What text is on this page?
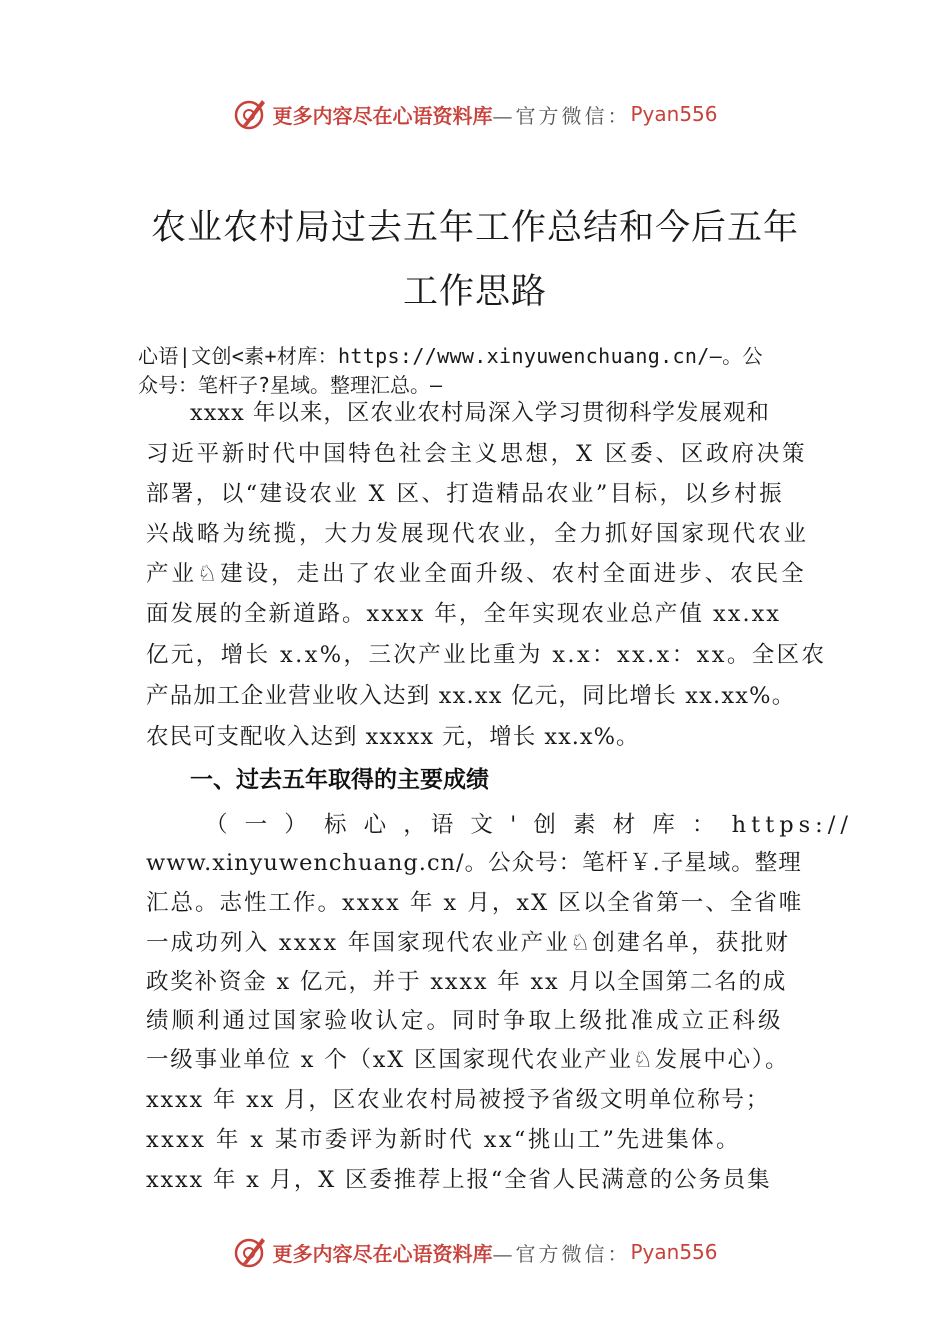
更多内容尽在心语资料库 —官方微信： Pyan556
农业农村局过去五年工作总结和今后五年
工作思路
心语|文创<素+材库：https://www.xinyuwenchuang.cn/—。公
众号：笔杆子?星域。整理汇总。—
xxxx 年以来，区农业农村局深入学习贯彻科学发展观和
习近平新时代中国特色社会主义思想，X 区委、区政府决策
部署，以“建设农业 X 区、打造精品农业”目标，以乡村振
兴战略为统揽，大力发展现代农业，全力抓好国家现代农业
产业♘建设，走出了农业全面升级、农村全面进步、农民全
面发展的全新道路。xxxx 年，全年实现农业总产值 xx.xx
亿元，增长 x.x%，三次产业比重为 x.x：xx.x：xx。全区农
产品加工企业营业收入达到 xx.xx 亿元，同比增长 xx.xx%。
农民可支配收入达到 xxxxx 元，增长 xx.x%。
一、过去五年取得的主要成绩
（ 一 ） 标 心 ，语 文 ' 创 素 材 库 ： https://
www.xinyuwenchuang.cn/。公众号：笔杆￥.子星域。整理
汇总。志性工作。xxxx 年 x 月，xX 区以全省第一、全省唯
一成功列入 xxxx 年国家现代农业产业♘创建名单，获批财
政奖补资金 x 亿元，并于 xxxx 年 xx 月以全国第二名的成
绩顺利通过国家验收认定。同时争取上级批准成立正科级
一级事业单位 x 个（xX 区国家现代农业产业♘发展中心）。
xxxx 年 xx 月，区农业农村局被授予省级文明单位称号；
xxxx 年 x 某市委评为新时代 xx“挑山工”先进集体。
xxxx 年 x 月，X 区委推荐上报“全省人民满意的公务员集
更多内容尽在心语资料库 —官方微信： Pyan556
